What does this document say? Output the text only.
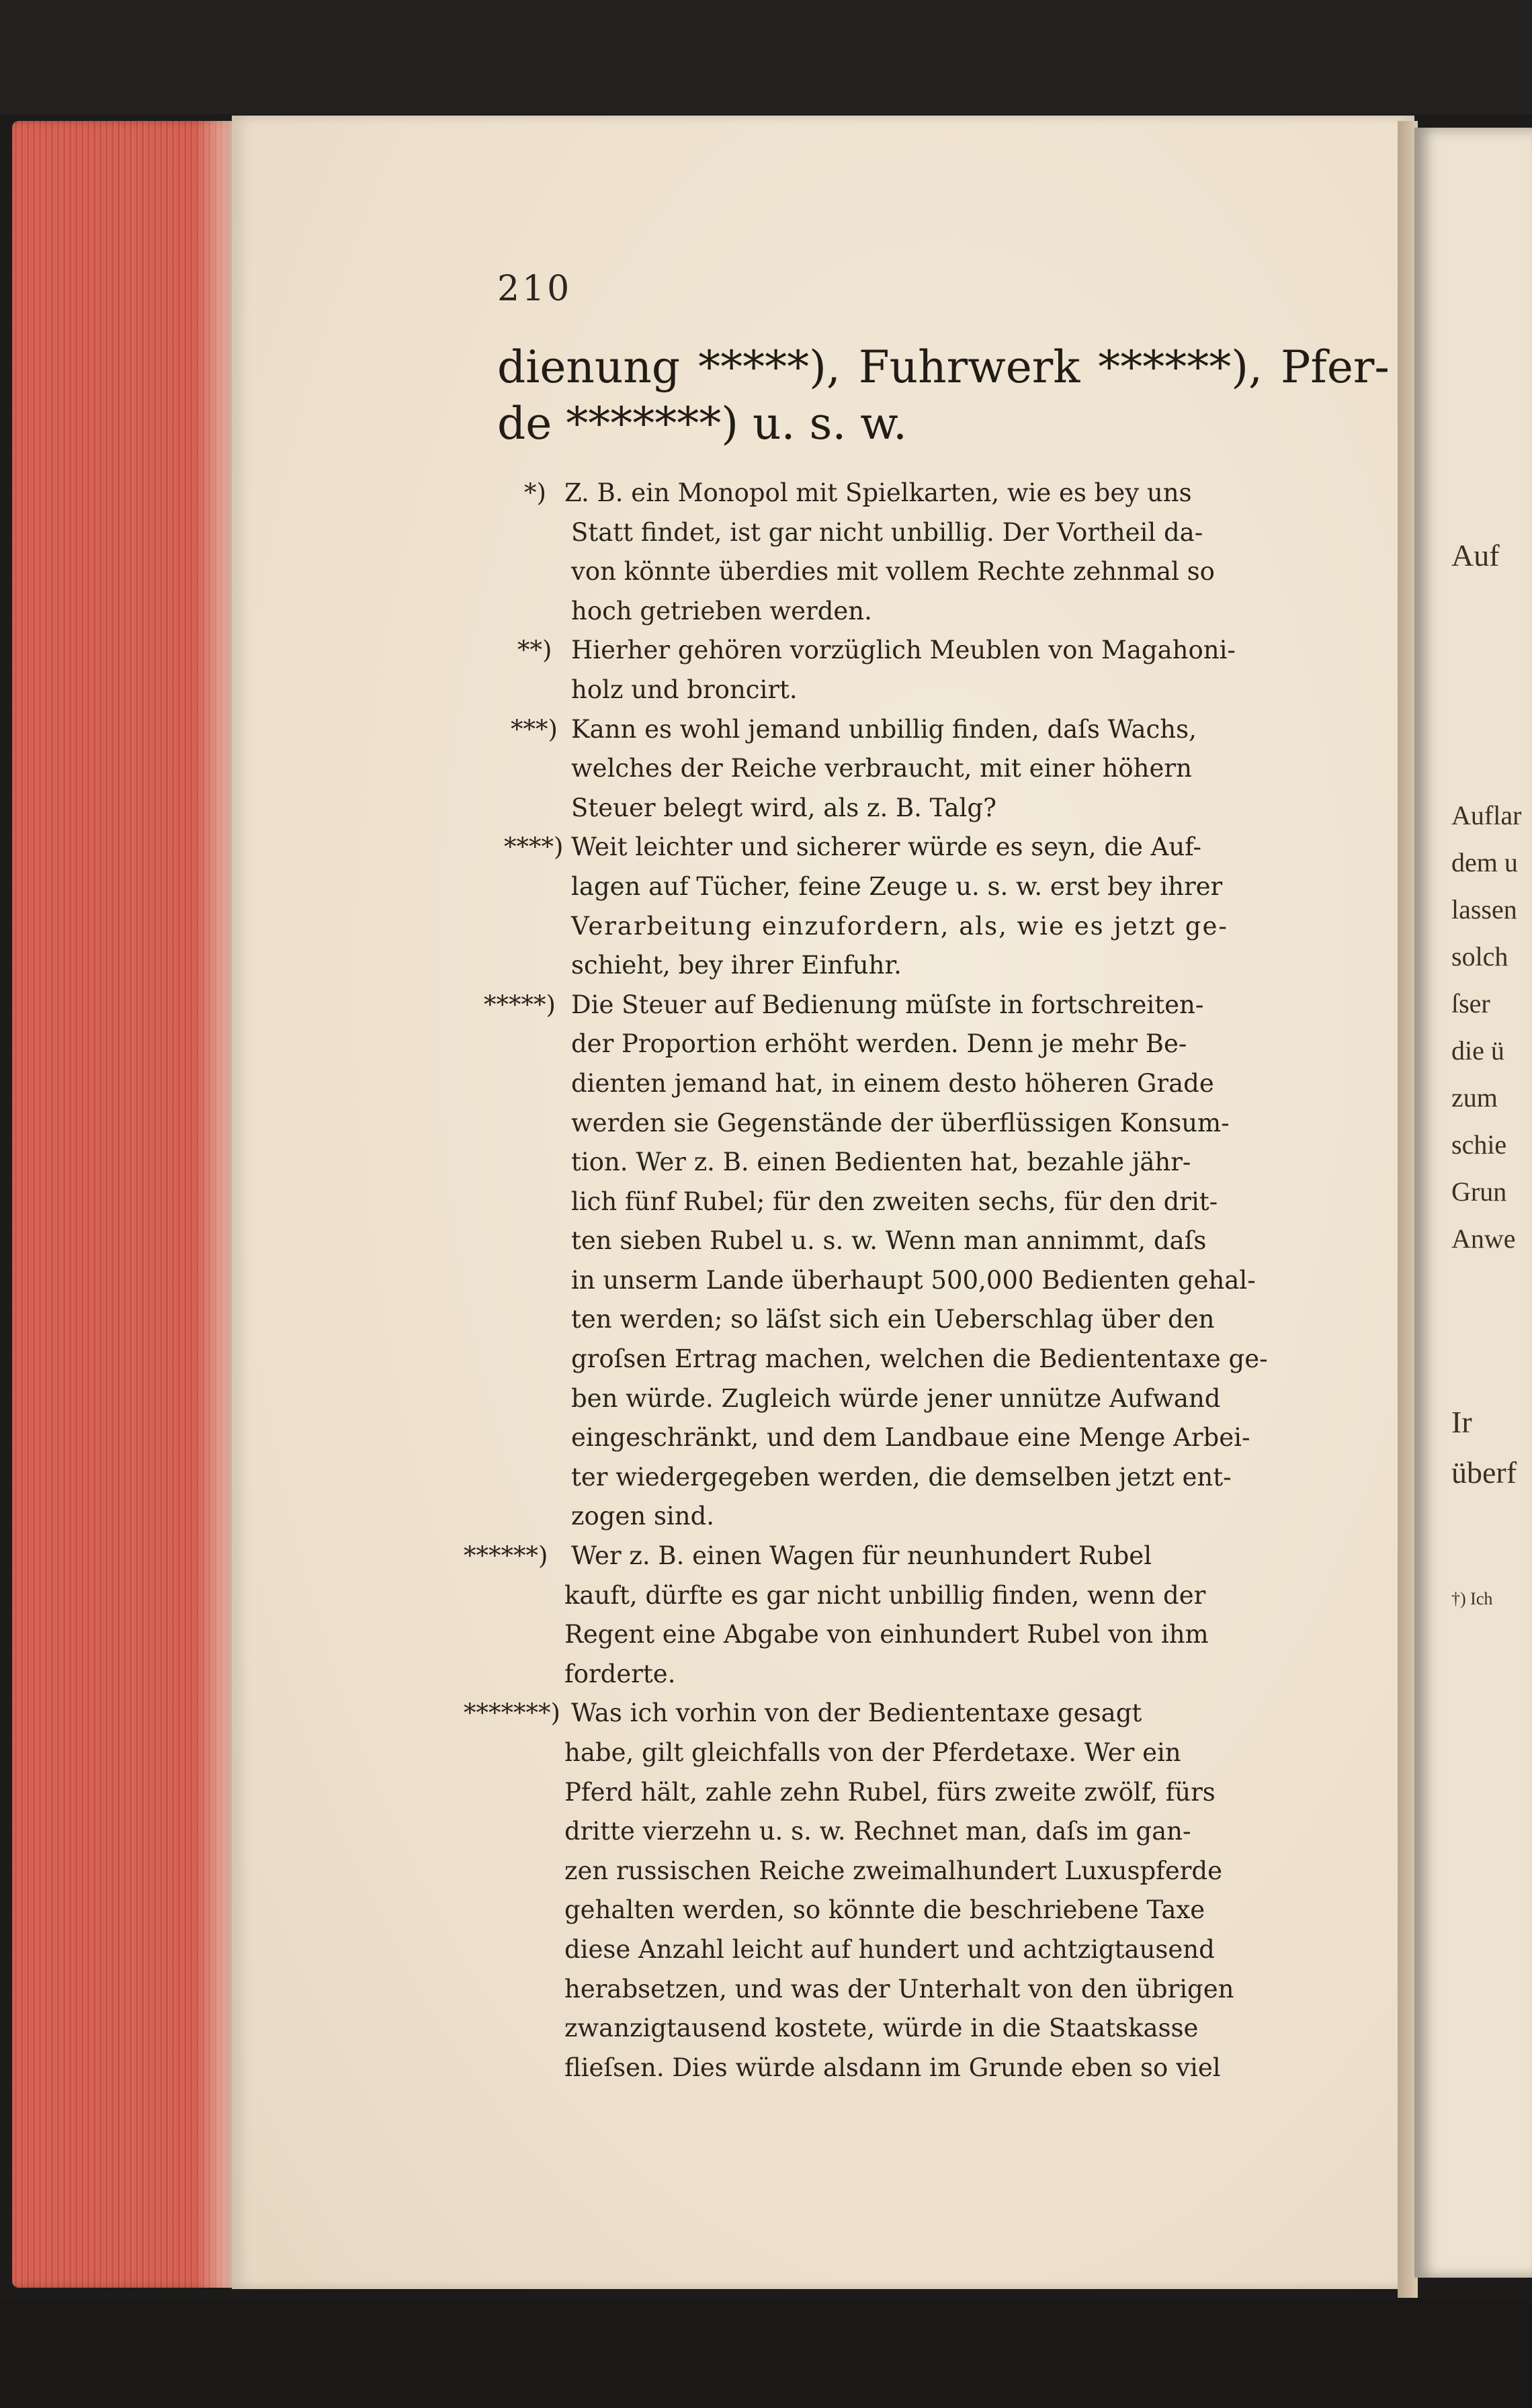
Auf
Auflar
dem u
lassen
solch
ſser
die ü
zum
schie
Grun
Anwe
Ir
überf
†) Ich
210
dienung *****), Fuhrwerk ******), Pfer-
de *******) u. s. w.
*) Z. B. ein Monopol mit Spielkarten, wie es bey uns
Statt findet, ist gar nicht unbillig. Der Vortheil da-
von könnte überdies mit vollem Rechte zehnmal so
hoch getrieben werden.
**) Hierher gehören vorzüglich Meublen von Magahoni-
holz und broncirt.
***) Kann es wohl jemand unbillig finden, daſs Wachs,
welches der Reiche verbraucht, mit einer höhern
Steuer belegt wird, als z. B. Talg?
****) Weit leichter und sicherer würde es seyn, die Auf-
lagen auf Tücher, feine Zeuge u. s. w. erst bey ihrer
Verarbeitung einzufordern, als, wie es jetzt ge-
schieht, bey ihrer Einfuhr.
*****) Die Steuer auf Bedienung müſste in fortschreiten-
der Proportion erhöht werden. Denn je mehr Be-
dienten jemand hat, in einem desto höheren Grade
werden sie Gegenstände der überflüssigen Konsum-
tion. Wer z. B. einen Bedienten hat, bezahle jähr-
lich fünf Rubel; für den zweiten sechs, für den drit-
ten sieben Rubel u. s. w. Wenn man annimmt, daſs
in unserm Lande überhaupt 500,000 Bedienten gehal-
ten werden; so läſst sich ein Ueberschlag über den
groſsen Ertrag machen, welchen die Bediententaxe ge-
ben würde. Zugleich würde jener unnütze Aufwand
eingeschränkt, und dem Landbaue eine Menge Arbei-
ter wiedergegeben werden, die demselben jetzt ent-
zogen sind.
******) Wer z. B. einen Wagen für neunhundert Rubel
kauft, dürfte es gar nicht unbillig finden, wenn der
Regent eine Abgabe von einhundert Rubel von ihm
forderte.
*******) Was ich vorhin von der Bediententaxe gesagt
habe, gilt gleichfalls von der Pferdetaxe. Wer ein
Pferd hält, zahle zehn Rubel, fürs zweite zwölf, fürs
dritte vierzehn u. s. w. Rechnet man, daſs im gan-
zen russischen Reiche zweimalhundert Luxuspferde
gehalten werden, so könnte die beschriebene Taxe
diese Anzahl leicht auf hundert und achtzigtausend
herabsetzen, und was der Unterhalt von den übrigen
zwanzigtausend kostete, würde in die Staatskasse
flieſsen. Dies würde alsdann im Grunde eben so viel
